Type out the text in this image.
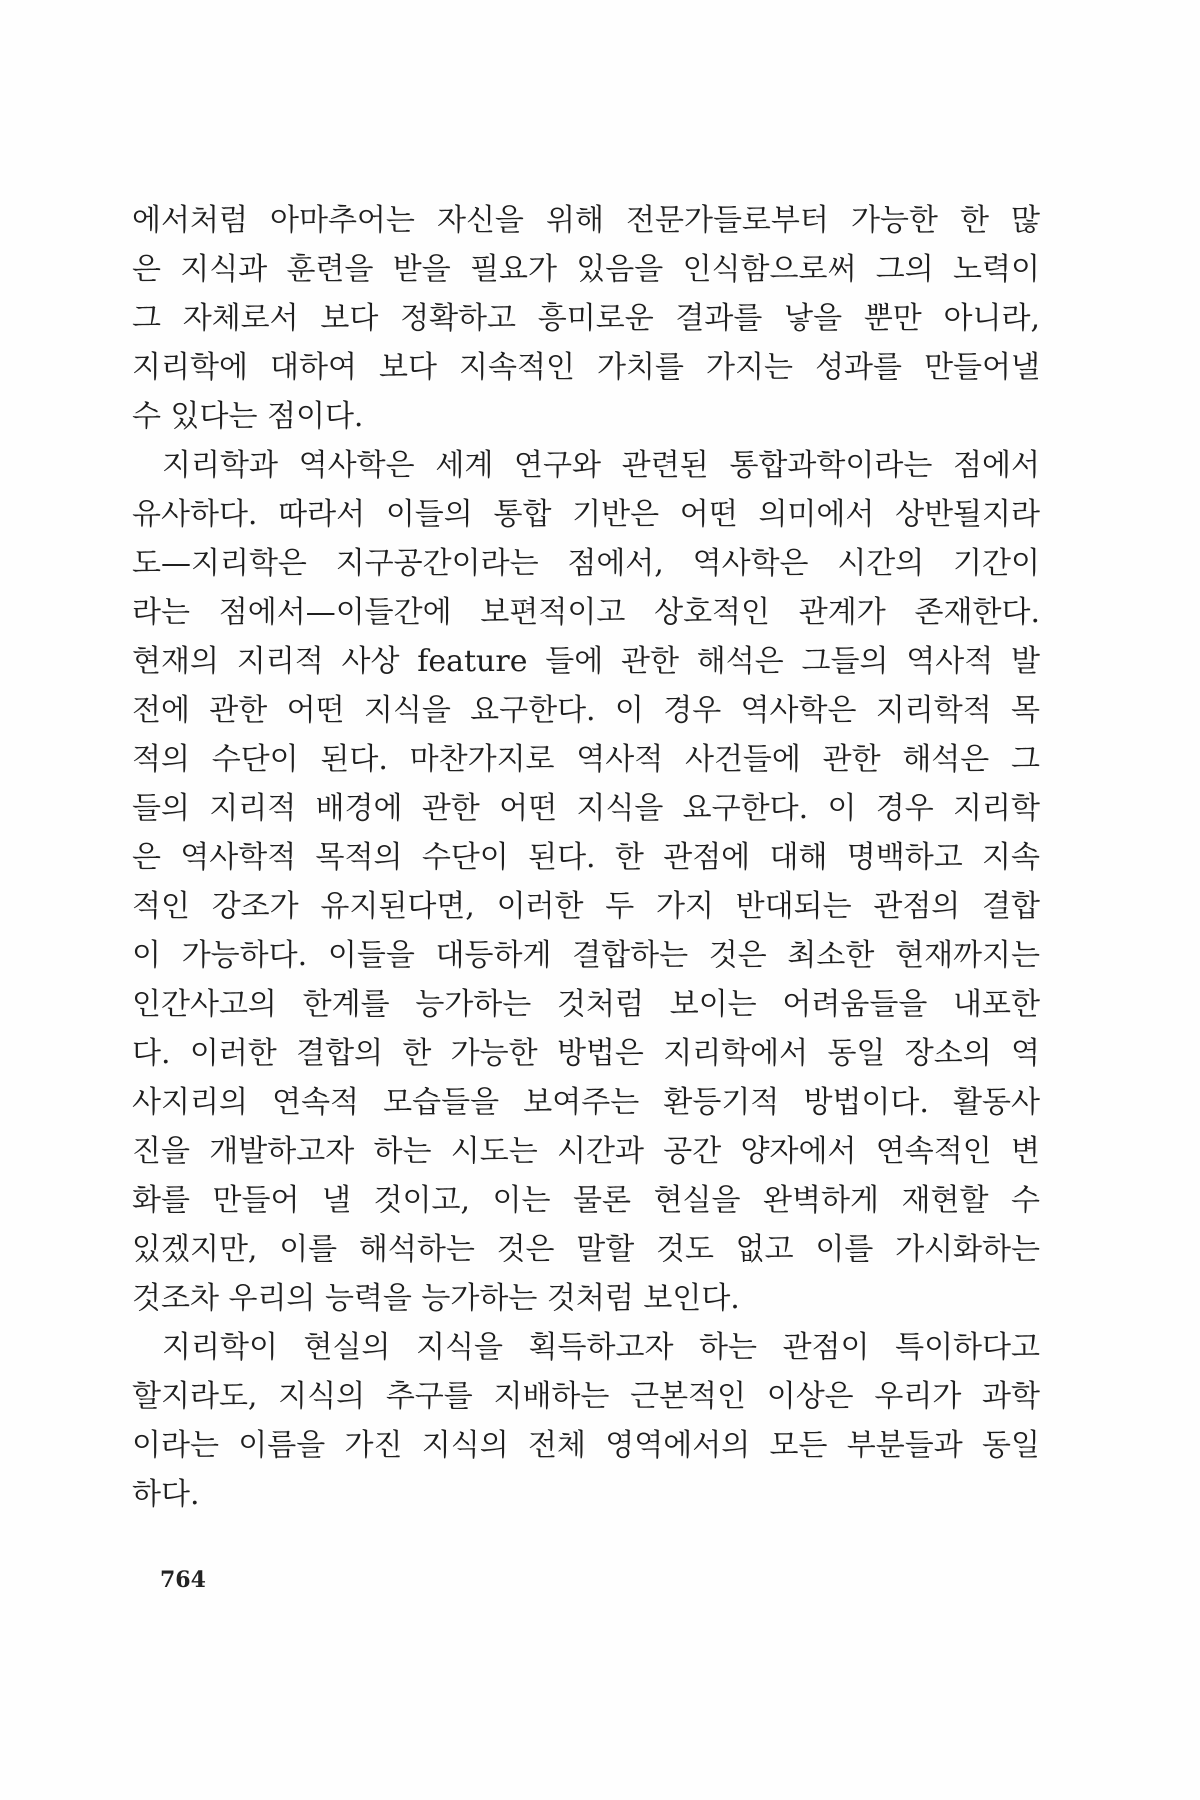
에서처럼 아마추어는 자신을 위해 전문가들로부터 가능한 한 많
은 지식과 훈련을 받을 필요가 있음을 인식함으로써 그의 노력이
그 자체로서 보다 정확하고 흥미로운 결과를 낳을 뿐만 아니라,
지리학에 대하여 보다 지속적인 가치를 가지는 성과를 만들어낼
수 있다는 점이다.
지리학과 역사학은 세계 연구와 관련된 통합과학이라는 점에서
유사하다. 따라서 이들의 통합 기반은 어떤 의미에서 상반될지라
도—지리학은 지구공간이라는 점에서, 역사학은 시간의 기간이
라는 점에서—이들간에 보편적이고 상호적인 관계가 존재한다.
현재의 지리적 사상 feature 들에 관한 해석은 그들의 역사적 발
전에 관한 어떤 지식을 요구한다. 이 경우 역사학은 지리학적 목
적의 수단이 된다. 마찬가지로 역사적 사건들에 관한 해석은 그
들의 지리적 배경에 관한 어떤 지식을 요구한다. 이 경우 지리학
은 역사학적 목적의 수단이 된다. 한 관점에 대해 명백하고 지속
적인 강조가 유지된다면, 이러한 두 가지 반대되는 관점의 결합
이 가능하다. 이들을 대등하게 결합하는 것은 최소한 현재까지는
인간사고의 한계를 능가하는 것처럼 보이는 어려움들을 내포한
다. 이러한 결합의 한 가능한 방법은 지리학에서 동일 장소의 역
사지리의 연속적 모습들을 보여주는 환등기적 방법이다. 활동사
진을 개발하고자 하는 시도는 시간과 공간 양자에서 연속적인 변
화를 만들어 낼 것이고, 이는 물론 현실을 완벽하게 재현할 수
있겠지만, 이를 해석하는 것은 말할 것도 없고 이를 가시화하는
것조차 우리의 능력을 능가하는 것처럼 보인다.
지리학이 현실의 지식을 획득하고자 하는 관점이 특이하다고
할지라도, 지식의 추구를 지배하는 근본적인 이상은 우리가 과학
이라는 이름을 가진 지식의 전체 영역에서의 모든 부분들과 동일
하다.
764
